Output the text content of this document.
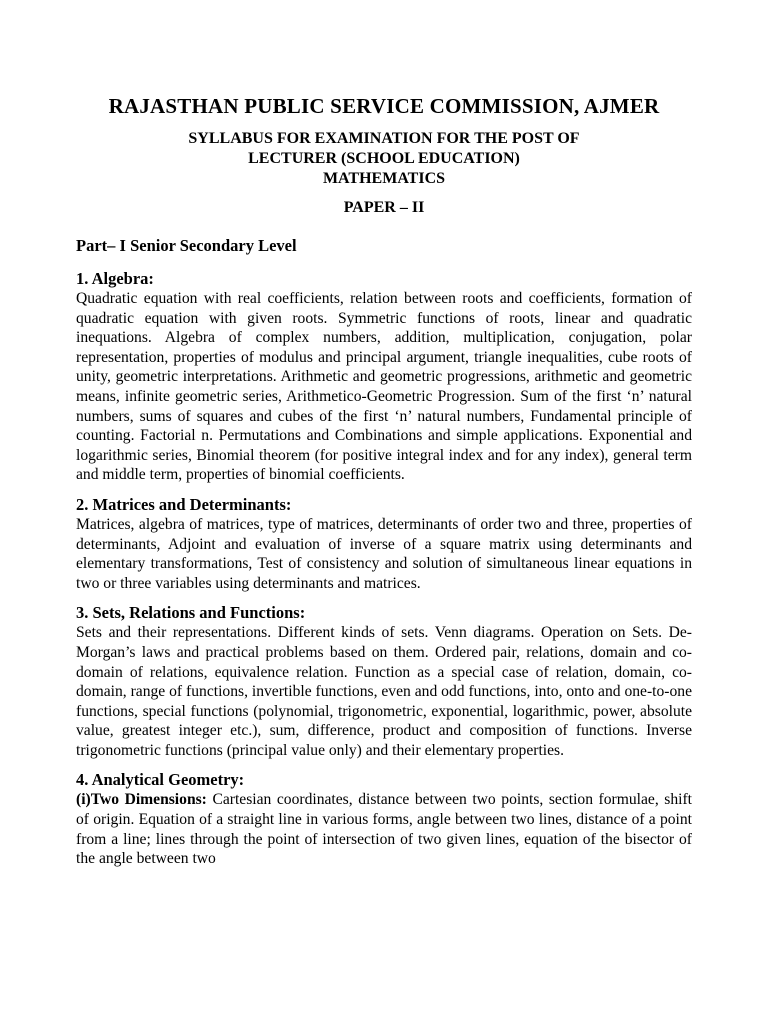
RAJASTHAN PUBLIC SERVICE COMMISSION, AJMER
SYLLABUS FOR EXAMINATION FOR THE POST OF
LECTURER (SCHOOL EDUCATION)
MATHEMATICS
PAPER – II
Part– I Senior Secondary Level
1. Algebra:

Quadratic equation with real coefficients, relation between roots and coefficients, formation of quadratic equation with given roots. Symmetric functions of roots, linear and quadratic inequations. Algebra of complex numbers, addition, multiplication, conjugation, polar representation, properties of modulus and principal argument, triangle inequalities, cube roots of unity, geometric interpretations. Arithmetic and geometric progressions, arithmetic and geometric means, infinite geometric series, Arithmetico-Geometric Progression. Sum of the first ‘n’ natural numbers, sums of squares and cubes of the first ‘n’ natural numbers, Fundamental principle of counting. Factorial n. Permutations and Combinations and simple applications. Exponential and logarithmic series, Binomial theorem (for positive integral index and for any index), general term and middle term, properties of binomial coefficients.

2. Matrices and Determinants:

Matrices, algebra of matrices, type of matrices, determinants of order two and three, properties of determinants, Adjoint and evaluation of inverse of a square matrix using determinants and elementary transformations, Test of consistency and solution of simultaneous linear equations in two or three variables using determinants and matrices.

3. Sets, Relations and Functions:

Sets and their representations. Different kinds of sets. Venn diagrams. Operation on Sets. De-Morgan’s laws and practical problems based on them. Ordered pair, relations, domain and co-domain of relations, equivalence relation. Function as a special case of relation, domain, co-domain, range of functions, invertible functions, even and odd functions, into, onto and one-to-one functions, special functions (polynomial, trigonometric, exponential, logarithmic, power, absolute value, greatest integer etc.), sum, difference, product and composition of functions. Inverse trigonometric functions (principal value only) and their elementary properties.

4. Analytical Geometry:

(i)Two Dimensions: Cartesian coordinates, distance between two points, section formulae, shift of origin. Equation of a straight line in various forms, angle between two lines, distance of a point from a line; lines through the point of intersection of two given lines, equation of the bisector of the angle between two
